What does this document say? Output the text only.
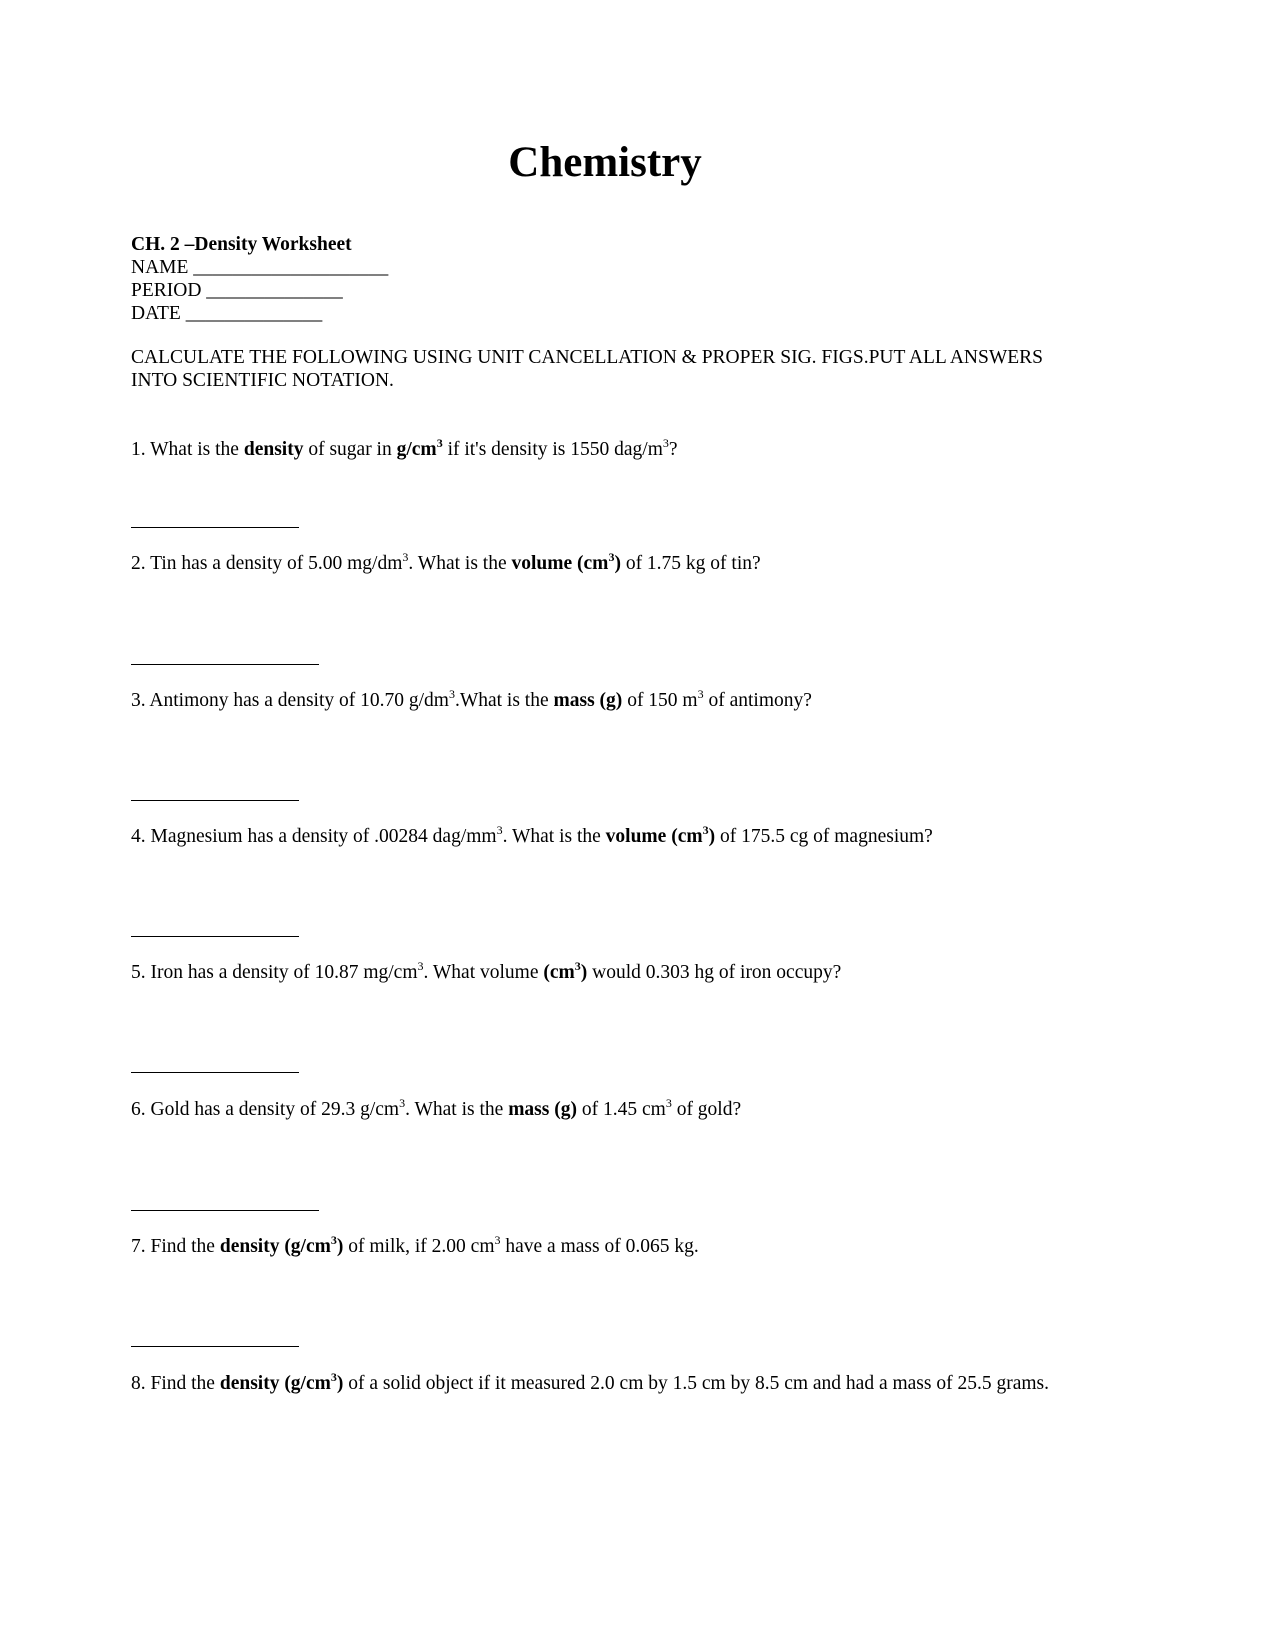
Chemistry
CH. 2 –Density Worksheet
NAME ____________________
PERIOD ______________
DATE ______________
CALCULATE THE FOLLOWING USING UNIT CANCELLATION & PROPER SIG. FIGS.PUT ALL ANSWERS INTO SCIENTIFIC NOTATION.
1. What is the density of sugar in $g/cm^3$ if it's density is 1550 dag/$m^3$?
2. Tin has a density of 5.00 $mg/dm^3$. What is the volume $(cm^3)$ of 1.75 kg of tin?
3. Antimony has a density of 10.70 $g/dm^3.What$ is the mass (g) of 150 $m^3$ of antimony?
4. Magnesium has a density of .00284 dag/$mm^3$. What is the volume $(cm^3)$ of 175.5 cg of magnesium?
5. Iron has a density of 10.87 $mg/cm^3$. What volume $(cm^3)$ would 0.303 hg of iron occupy?
6. Gold has a density of 29.3 $g/cm^3$. What is the mass (g) of 1.45 $cm^3$ of gold?
7. Find the density $(g/cm^3)$ of milk, if 2.00 $cm^3$ have a mass of 0.065 kg.
8. Find the density $(g/cm^3)$ of a solid object if it measured 2.0 cm by 1.5 cm by 8.5 cm and had a mass of 25.5 grams.
